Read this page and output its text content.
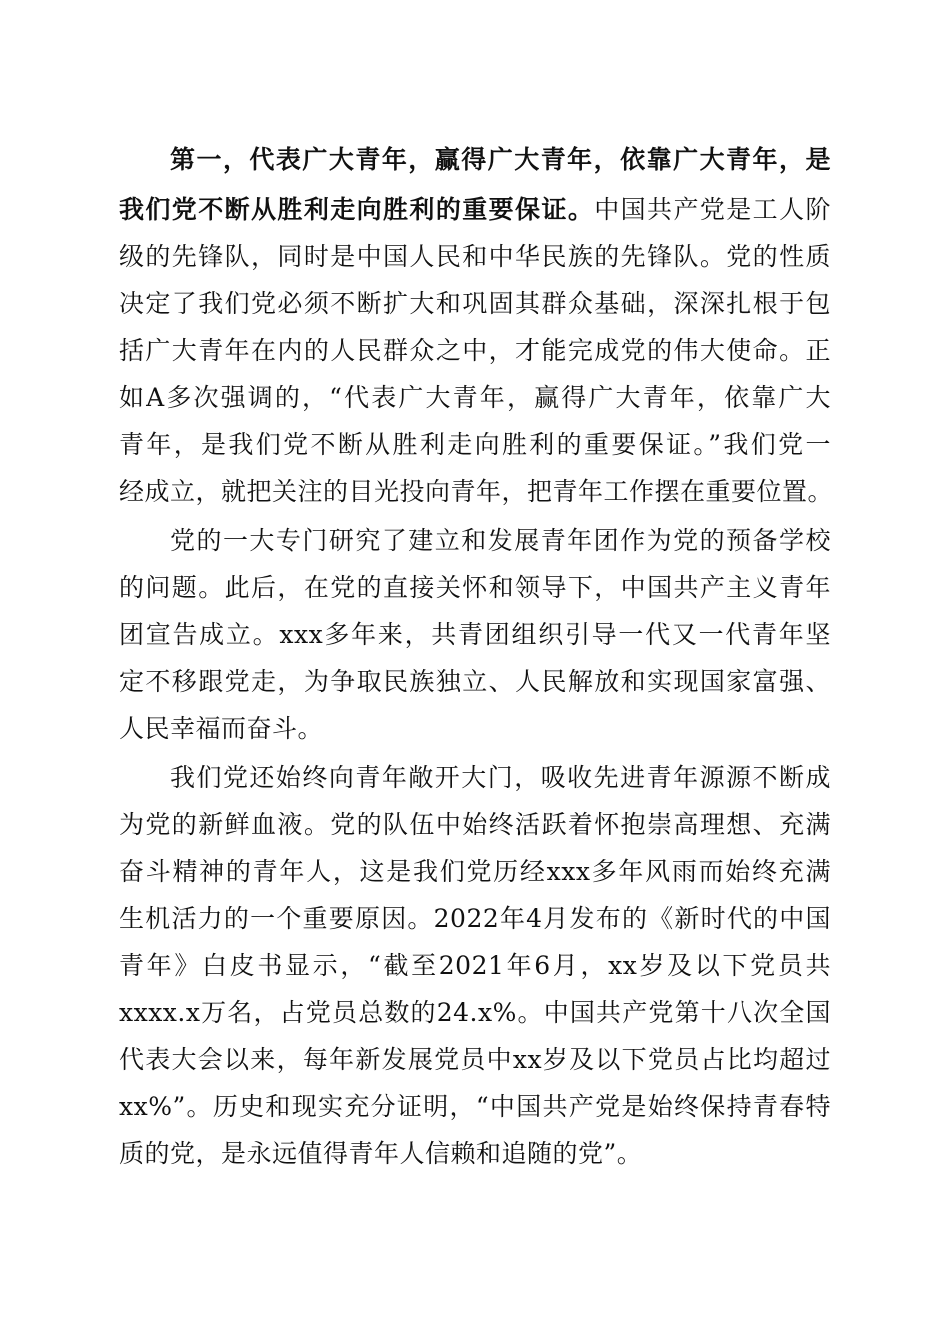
第一，代表广大青年，赢得广大青年，依靠广大青年，是
我们党不断从胜利走向胜利的重要保证。中国共产党是工人阶
级的先锋队，同时是中国人民和中华民族的先锋队。党的性质
决定了我们党必须不断扩大和巩固其群众基础，深深扎根于包
括广大青年在内的人民群众之中，才能完成党的伟大使命。正
如A多次强调的，“代表广大青年，赢得广大青年，依靠广大
青年，是我们党不断从胜利走向胜利的重要保证。”我们党一
经成立，就把关注的目光投向青年，把青年工作摆在重要位置。
党的一大专门研究了建立和发展青年团作为党的预备学校
的问题。此后，在党的直接关怀和领导下，中国共产主义青年
团宣告成立。xxx多年来，共青团组织引导一代又一代青年坚
定不移跟党走，为争取民族独立、人民解放和实现国家富强、
人民幸福而奋斗。
我们党还始终向青年敞开大门，吸收先进青年源源不断成
为党的新鲜血液。党的队伍中始终活跃着怀抱崇高理想、充满
奋斗精神的青年人，这是我们党历经xxx多年风雨而始终充满
生机活力的一个重要原因。2022年4月发布的《新时代的中国
青年》白皮书显示，“截至2021年6月，xx岁及以下党员共
xxxx.x万名，占党员总数的24.x%。中国共产党第十八次全国
代表大会以来，每年新发展党员中xx岁及以下党员占比均超过
xx%”。历史和现实充分证明，“中国共产党是始终保持青春特
质的党，是永远值得青年人信赖和追随的党”。
